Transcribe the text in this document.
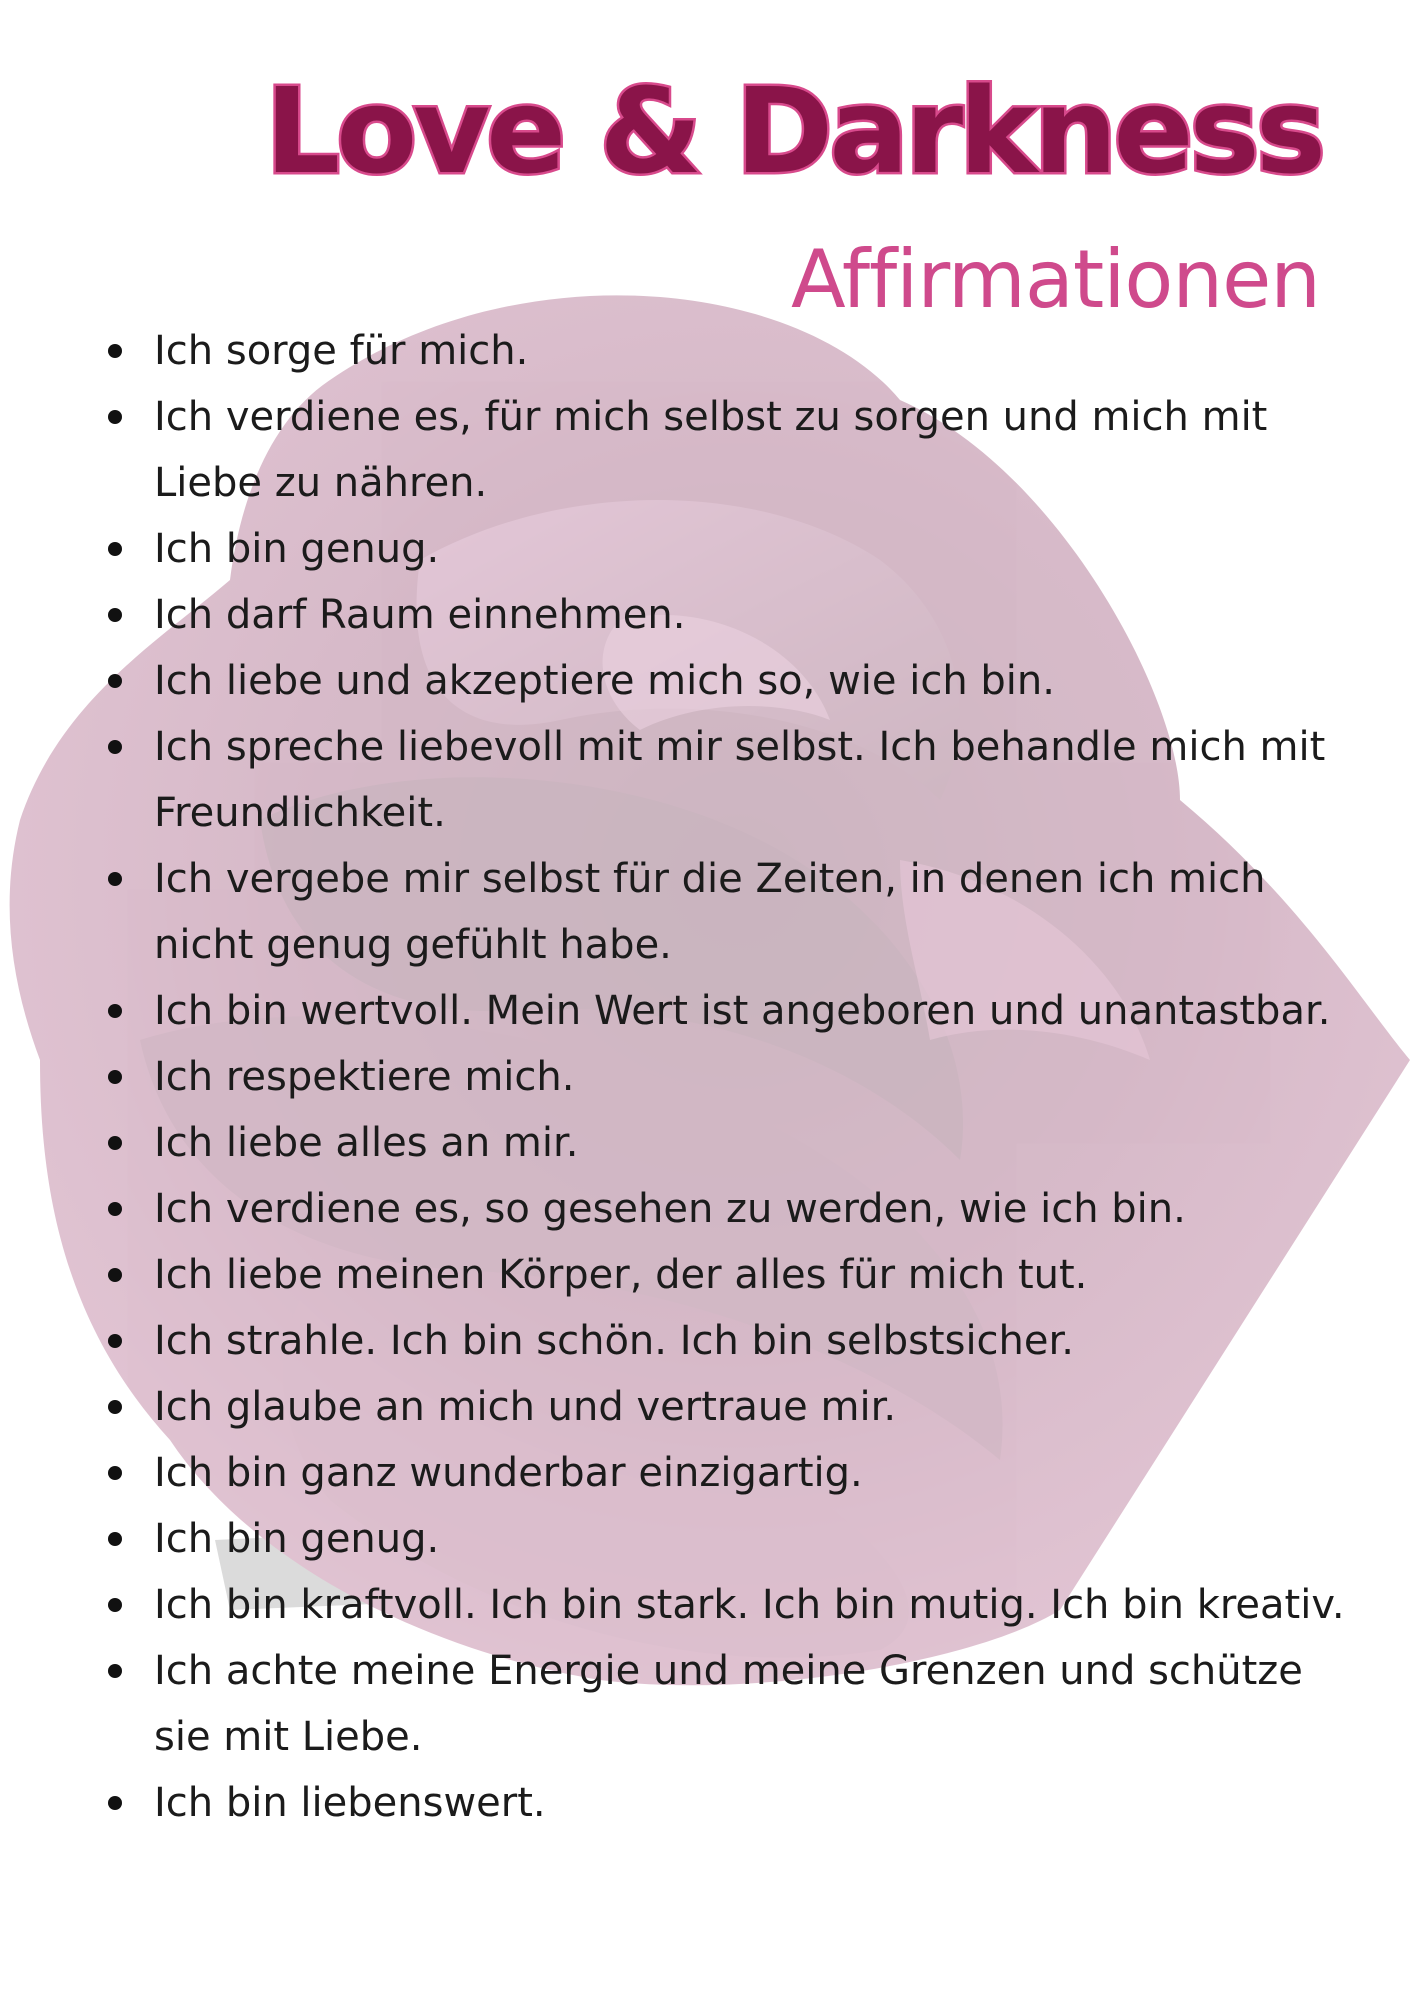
Love & Darkness
Affirmationen
Ich sorge für mich.
Ich verdiene es, für mich selbst zu sorgen und mich mit Liebe zu nähren.
Ich bin genug.
Ich darf Raum einnehmen.
Ich liebe und akzeptiere mich so, wie ich bin.
Ich spreche liebevoll mit mir selbst. Ich behandle mich mit Freundlichkeit.
Ich vergebe mir selbst für die Zeiten, in denen ich mich nicht genug gefühlt habe.
Ich bin wertvoll. Mein Wert ist angeboren und unantastbar.
Ich respektiere mich.
Ich liebe alles an mir.
Ich verdiene es, so gesehen zu werden, wie ich bin.
Ich liebe meinen Körper, der alles für mich tut.
Ich strahle. Ich bin schön. Ich bin selbstsicher.
Ich glaube an mich und vertraue mir.
Ich bin ganz wunderbar einzigartig.
Ich bin genug.
Ich bin kraftvoll. Ich bin stark. Ich bin mutig. Ich bin kreativ.
Ich achte meine Energie und meine Grenzen und schütze sie mit Liebe.
Ich bin liebenswert.
